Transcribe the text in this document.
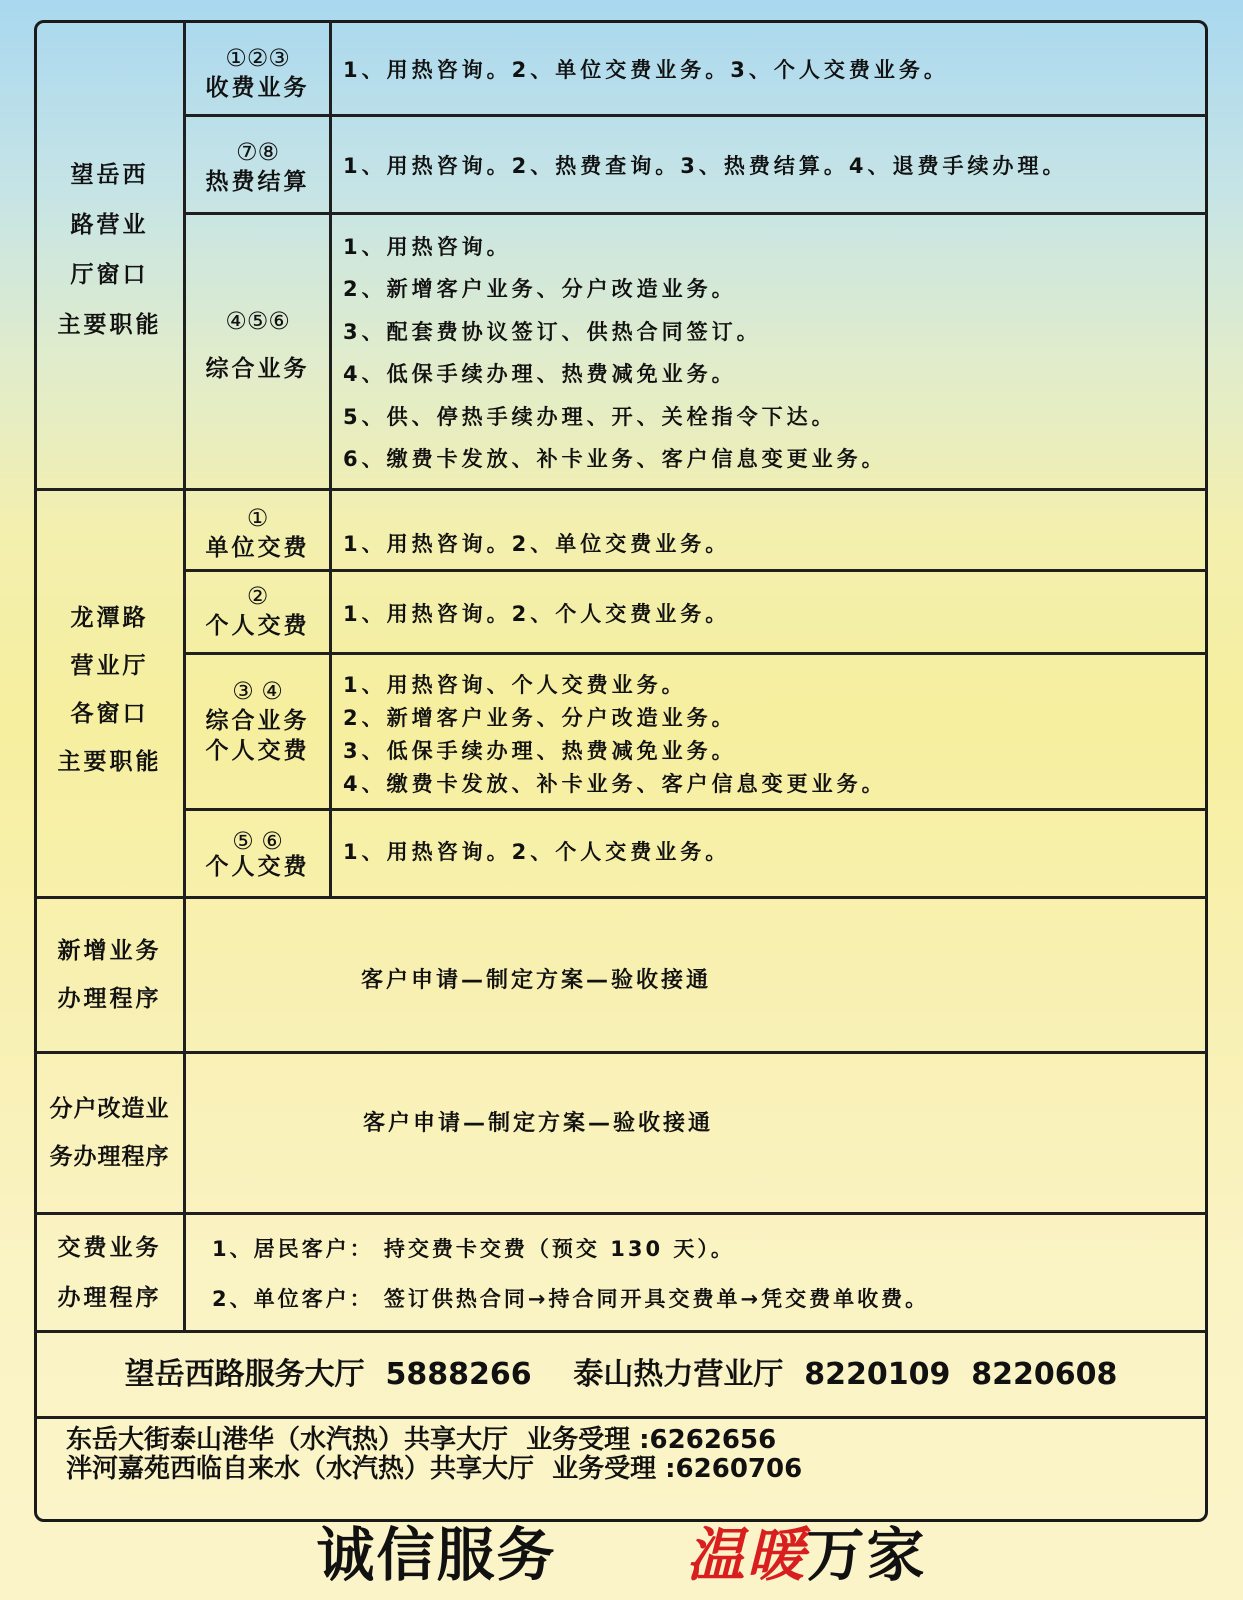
望岳西
路营业
厅窗口
主要职能
①②③
收费业务
1、用热咨询。2、单位交费业务。3、个人交费业务。
⑦⑧
热费结算
1、用热咨询。2、热费查询。3、热费结算。4、退费手续办理。
④⑤⑥
综合业务
1、用热咨询。
2、新增客户业务、分户改造业务。
3、配套费协议签订、供热合同签订。
4、低保手续办理、热费减免业务。
5、供、停热手续办理、开、关栓指令下达。
6、缴费卡发放、补卡业务、客户信息变更业务。
龙潭路
营业厅
各窗口
主要职能
①
单位交费 1、用热咨询。2、单位交费业务。
②
个人交费 1、用热咨询。2、个人交费业务。
③ ④
综合业务
个人交费
1、用热咨询、个人交费业务。
2、新增客户业务、分户改造业务。
3、低保手续办理、热费减免业务。
4、缴费卡发放、补卡业务、客户信息变更业务。
⑤ ⑥
个人交费
1、用热咨询。2、个人交费业务。
新增业务
办理程序
客户申请—制定方案—验收接通
分户改造业
务办理程序
客户申请—制定方案—验收接通
交费业务
办理程序
1、居民客户： 持交费卡交费（预交 130 天）。
2、单位客户： 签订供热合同→持合同开具交费单→凭交费单收费。
望岳西路服务大厅  5888266    泰山热力营业厅  8220109  8220608
东岳大街泰山港华（水汽热）共享大厅  业务受理 :6262656
泮河嘉苑西临自来水（水汽热）共享大厅  业务受理 :6260706
诚信服务 温暖万家
